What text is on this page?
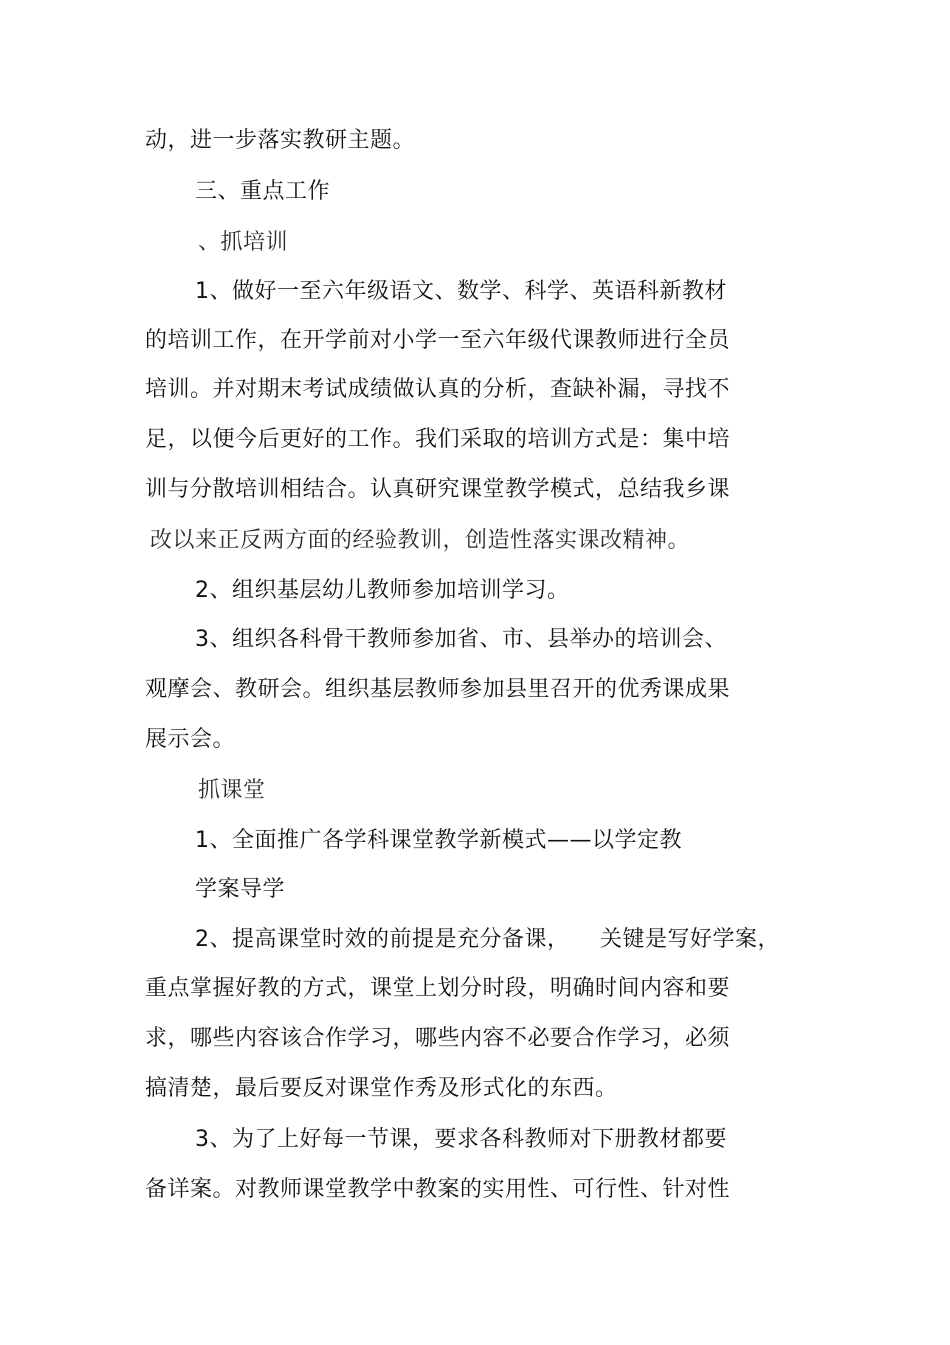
动，进一步落实教研主题。
三、重点工作
、抓培训
1、做好一至六年级语文、数学、科学、英语科新教材
的培训工作，在开学前对小学一至六年级代课教师进行全员
培训。并对期末考试成绩做认真的分析，查缺补漏，寻找不
足，以便今后更好的工作。我们采取的培训方式是：集中培
训与分散培训相结合。认真研究课堂教学模式，总结我乡课
改以来正反两方面的经验教训，创造性落实课改精神。
2、组织基层幼儿教师参加培训学习。
3、组织各科骨干教师参加省、市、县举办的培训会、
观摩会、教研会。组织基层教师参加县里召开的优秀课成果
展示会。
抓课堂
1、全面推广各学科课堂教学新模式——以学定教
学案导学
2、提高课堂时效的前提是充分备课， 关键是写好学案，
重点掌握好教的方式，课堂上划分时段，明确时间内容和要
求，哪些内容该合作学习，哪些内容不必要合作学习，必须
搞清楚，最后要反对课堂作秀及形式化的东西。
3、为了上好每一节课，要求各科教师对下册教材都要
备详案。对教师课堂教学中教案的实用性、可行性、针对性
